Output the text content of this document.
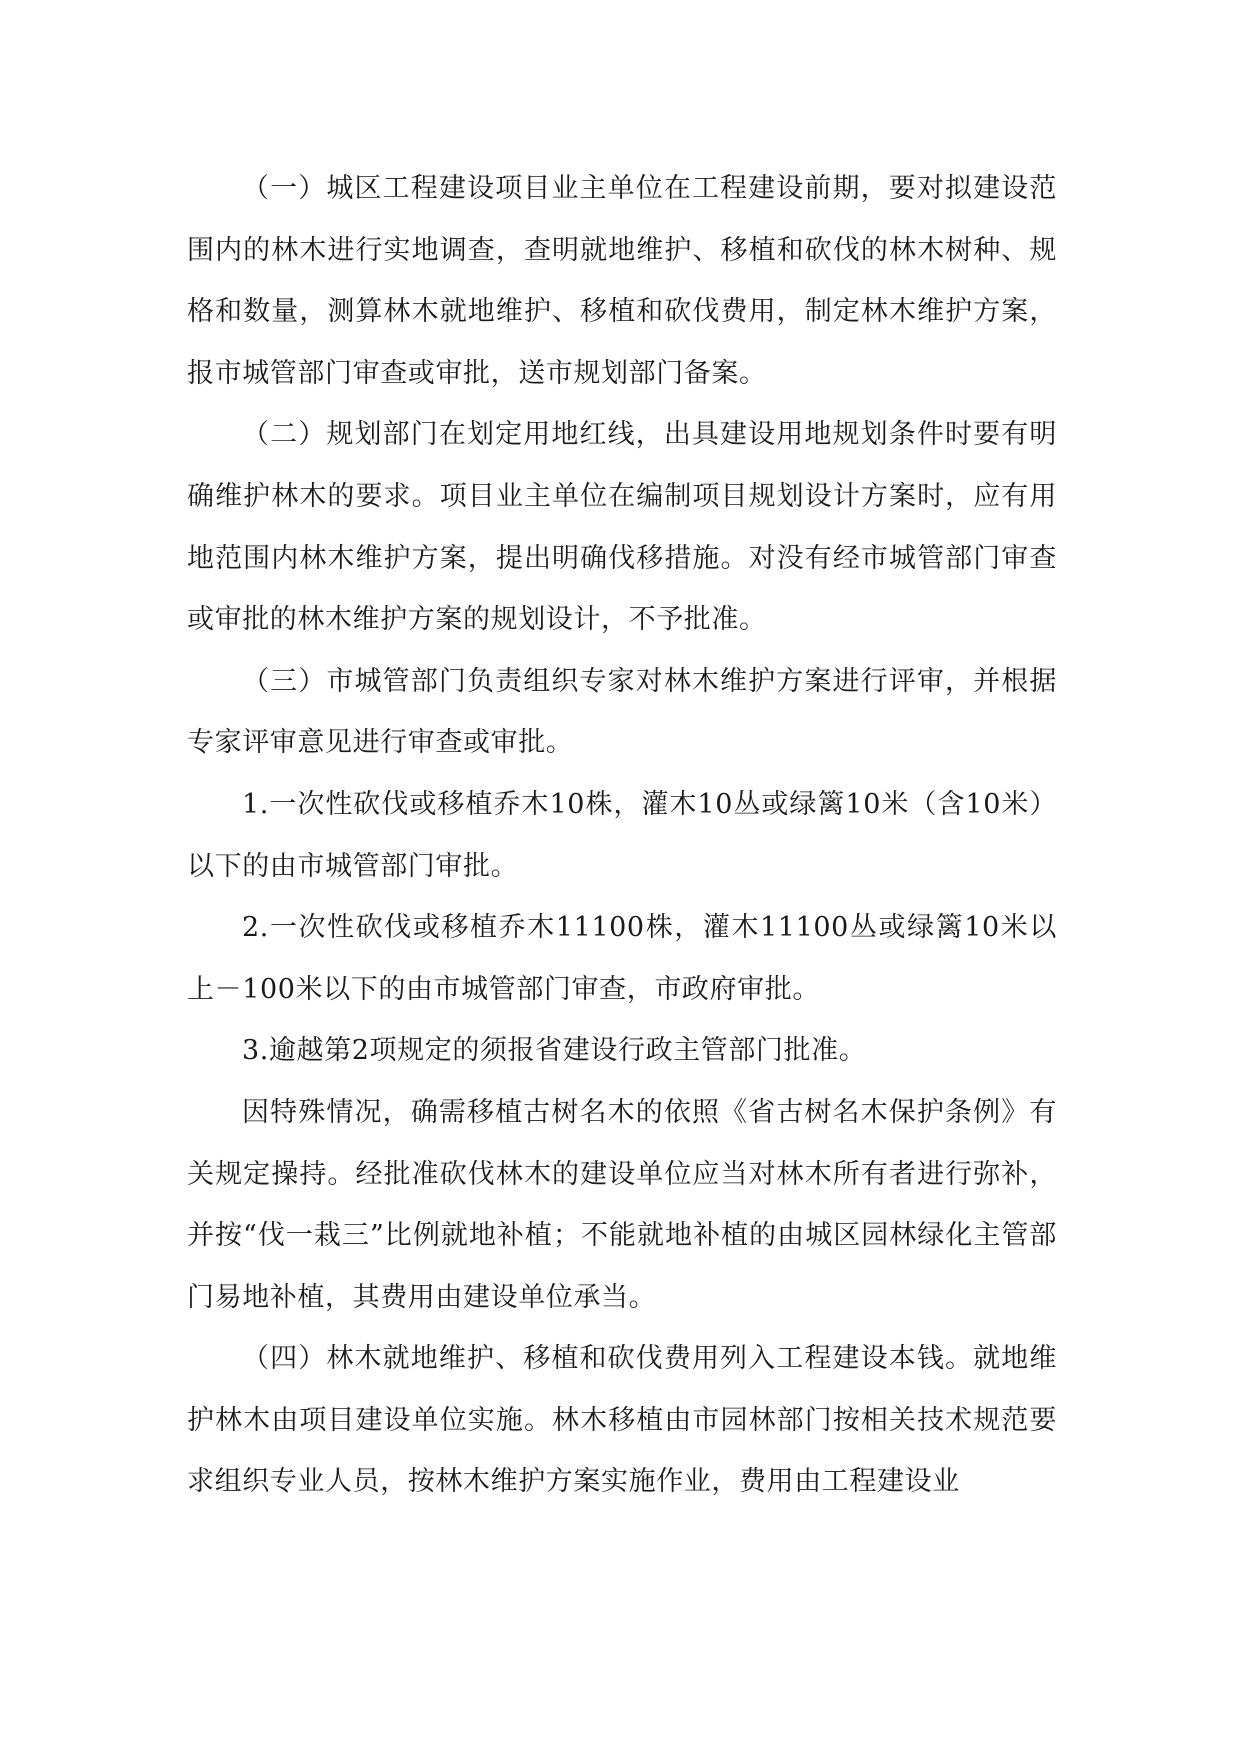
（一）城区工程建设项目业主单位在工程建设前期，要对拟建设范围内的林木进行实地调查，查明就地维护、移植和砍伐的林木树种、规格和数量，测算林木就地维护、移植和砍伐费用，制定林木维护方案，报市城管部门审查或审批，送市规划部门备案。

（二）规划部门在划定用地红线，出具建设用地规划条件时要有明确维护林木的要求。项目业主单位在编制项目规划设计方案时，应有用地范围内林木维护方案，提出明确伐移措施。对没有经市城管部门审查或审批的林木维护方案的规划设计，不予批准。

（三）市城管部门负责组织专家对林木维护方案进行评审，并根据专家评审意见进行审查或审批。

1.一次性砍伐或移植乔木10株，灌木10丛或绿篱10米（含10米）以下的由市城管部门审批。

2.一次性砍伐或移植乔木11100株，灌木11100丛或绿篱10米以上－100米以下的由市城管部门审查，市政府审批。

3.逾越第2项规定的须报省建设行政主管部门批准。

因特殊情况，确需移植古树名木的依照《省古树名木保护条例》有关规定操持。经批准砍伐林木的建设单位应当对林木所有者进行弥补，并按“伐一栽三”比例就地补植；不能就地补植的由城区园林绿化主管部门易地补植，其费用由建设单位承当。

（四）林木就地维护、移植和砍伐费用列入工程建设本钱。就地维护林木由项目建设单位实施。林木移植由市园林部门按相关技术规范要求组织专业人员，按林木维护方案实施作业，费用由工程建设业
